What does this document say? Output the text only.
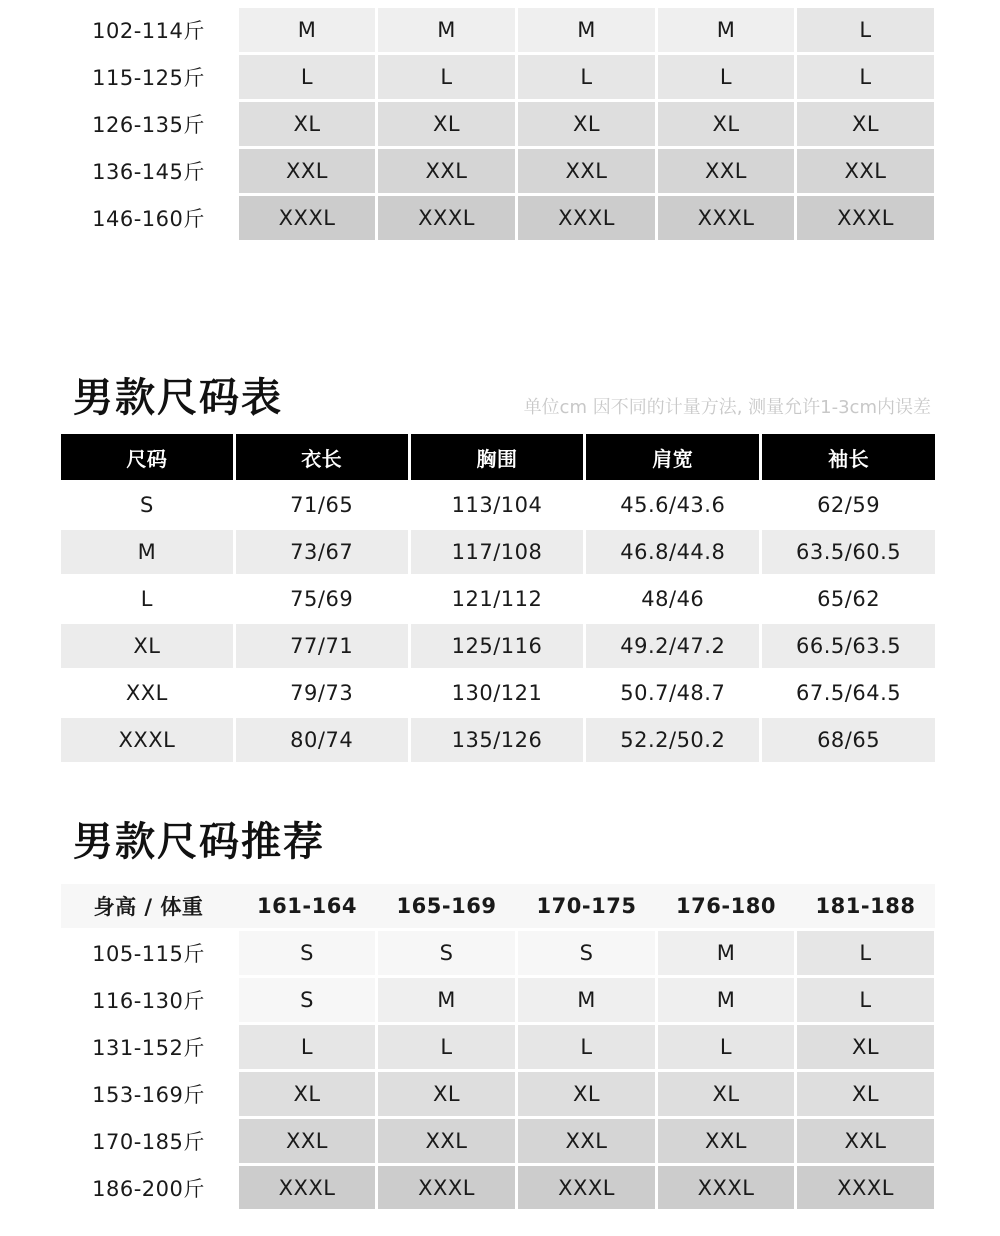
102-114斤	M	M	M	M	L
115-125斤	L	L	L	L	L
126-135斤	XL	XL	XL	XL	XL
136-145斤	XXL	XXL	XXL	XXL	XXL
146-160斤	XXXL	XXXL	XXXL	XXXL	XXXL
男款尺码表	单位cm 因不同的计量方法, 测量允许1-3cm内误差
尺码	衣长	胸围	肩宽	袖长
S	71/65	113/104	45.6/43.6	62/59
M	73/67	117/108	46.8/44.8	63.5/60.5
L	75/69	121/112	48/46	65/62
XL	77/71	125/116	49.2/47.2	66.5/63.5
XXL	79/73	130/121	50.7/48.7	67.5/64.5
XXXL	80/74	135/126	52.2/50.2	68/65
男款尺码推荐
身高 / 体重	161-164	165-169	170-175	176-180	181-188
105-115斤	S	S	S	M	L
116-130斤	S	M	M	M	L
131-152斤	L	L	L	L	XL
153-169斤	XL	XL	XL	XL	XL
170-185斤	XXL	XXL	XXL	XXL	XXL
186-200斤	XXXL	XXXL	XXXL	XXXL	XXXL
